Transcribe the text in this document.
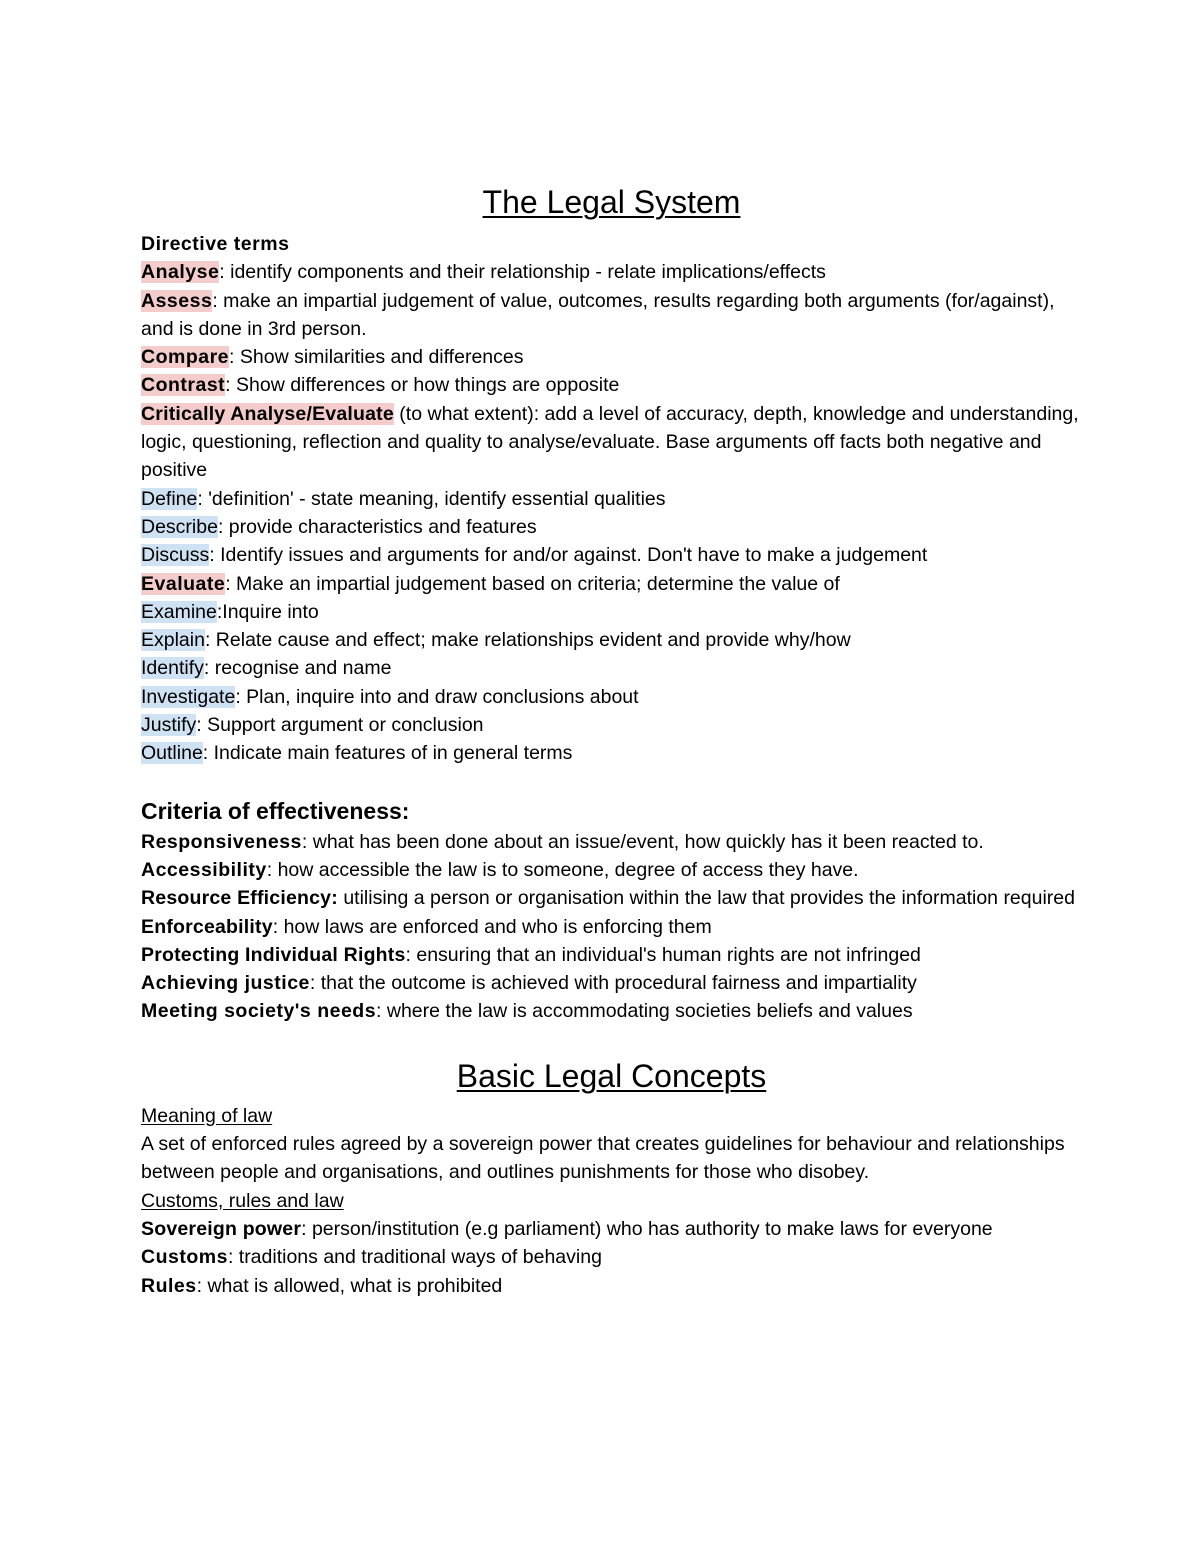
The Legal System
Directive terms
Analyse: identify components and their relationship - relate implications/effects
Assess: make an impartial judgement of value, outcomes, results regarding both arguments (for/against), and is done in 3rd person.
Compare: Show similarities and differences
Contrast: Show differences or how things are opposite
Critically Analyse/Evaluate (to what extent): add a level of accuracy, depth, knowledge and understanding, logic, questioning, reflection and quality to analyse/evaluate. Base arguments off facts both negative and positive
Define: 'definition' - state meaning, identify essential qualities
Describe: provide characteristics and features
Discuss: Identify issues and arguments for and/or against. Don't have to make a judgement
Evaluate: Make an impartial judgement based on criteria; determine the value of
Examine:Inquire into
Explain: Relate cause and effect; make relationships evident and provide why/how
Identify: recognise and name
Investigate: Plan, inquire into and draw conclusions about
Justify: Support argument or conclusion
Outline: Indicate main features of in general terms
Criteria of effectiveness:
Responsiveness: what has been done about an issue/event, how quickly has it been reacted to.
Accessibility: how accessible the law is to someone, degree of access they have.
Resource Efficiency: utilising a person or organisation within the law that provides the information required
Enforceability: how laws are enforced and who is enforcing them
Protecting Individual Rights: ensuring that an individual's human rights are not infringed
Achieving justice: that the outcome is achieved with procedural fairness and impartiality
Meeting society's needs: where the law is accommodating societies beliefs and values
Basic Legal Concepts
Meaning of law
A set of enforced rules agreed by a sovereign power that creates guidelines for behaviour and relationships between people and organisations, and outlines punishments for those who disobey.
Customs, rules and law
Sovereign power: person/institution (e.g parliament) who has authority to make laws for everyone
Customs: traditions and traditional ways of behaving
Rules: what is allowed, what is prohibited
